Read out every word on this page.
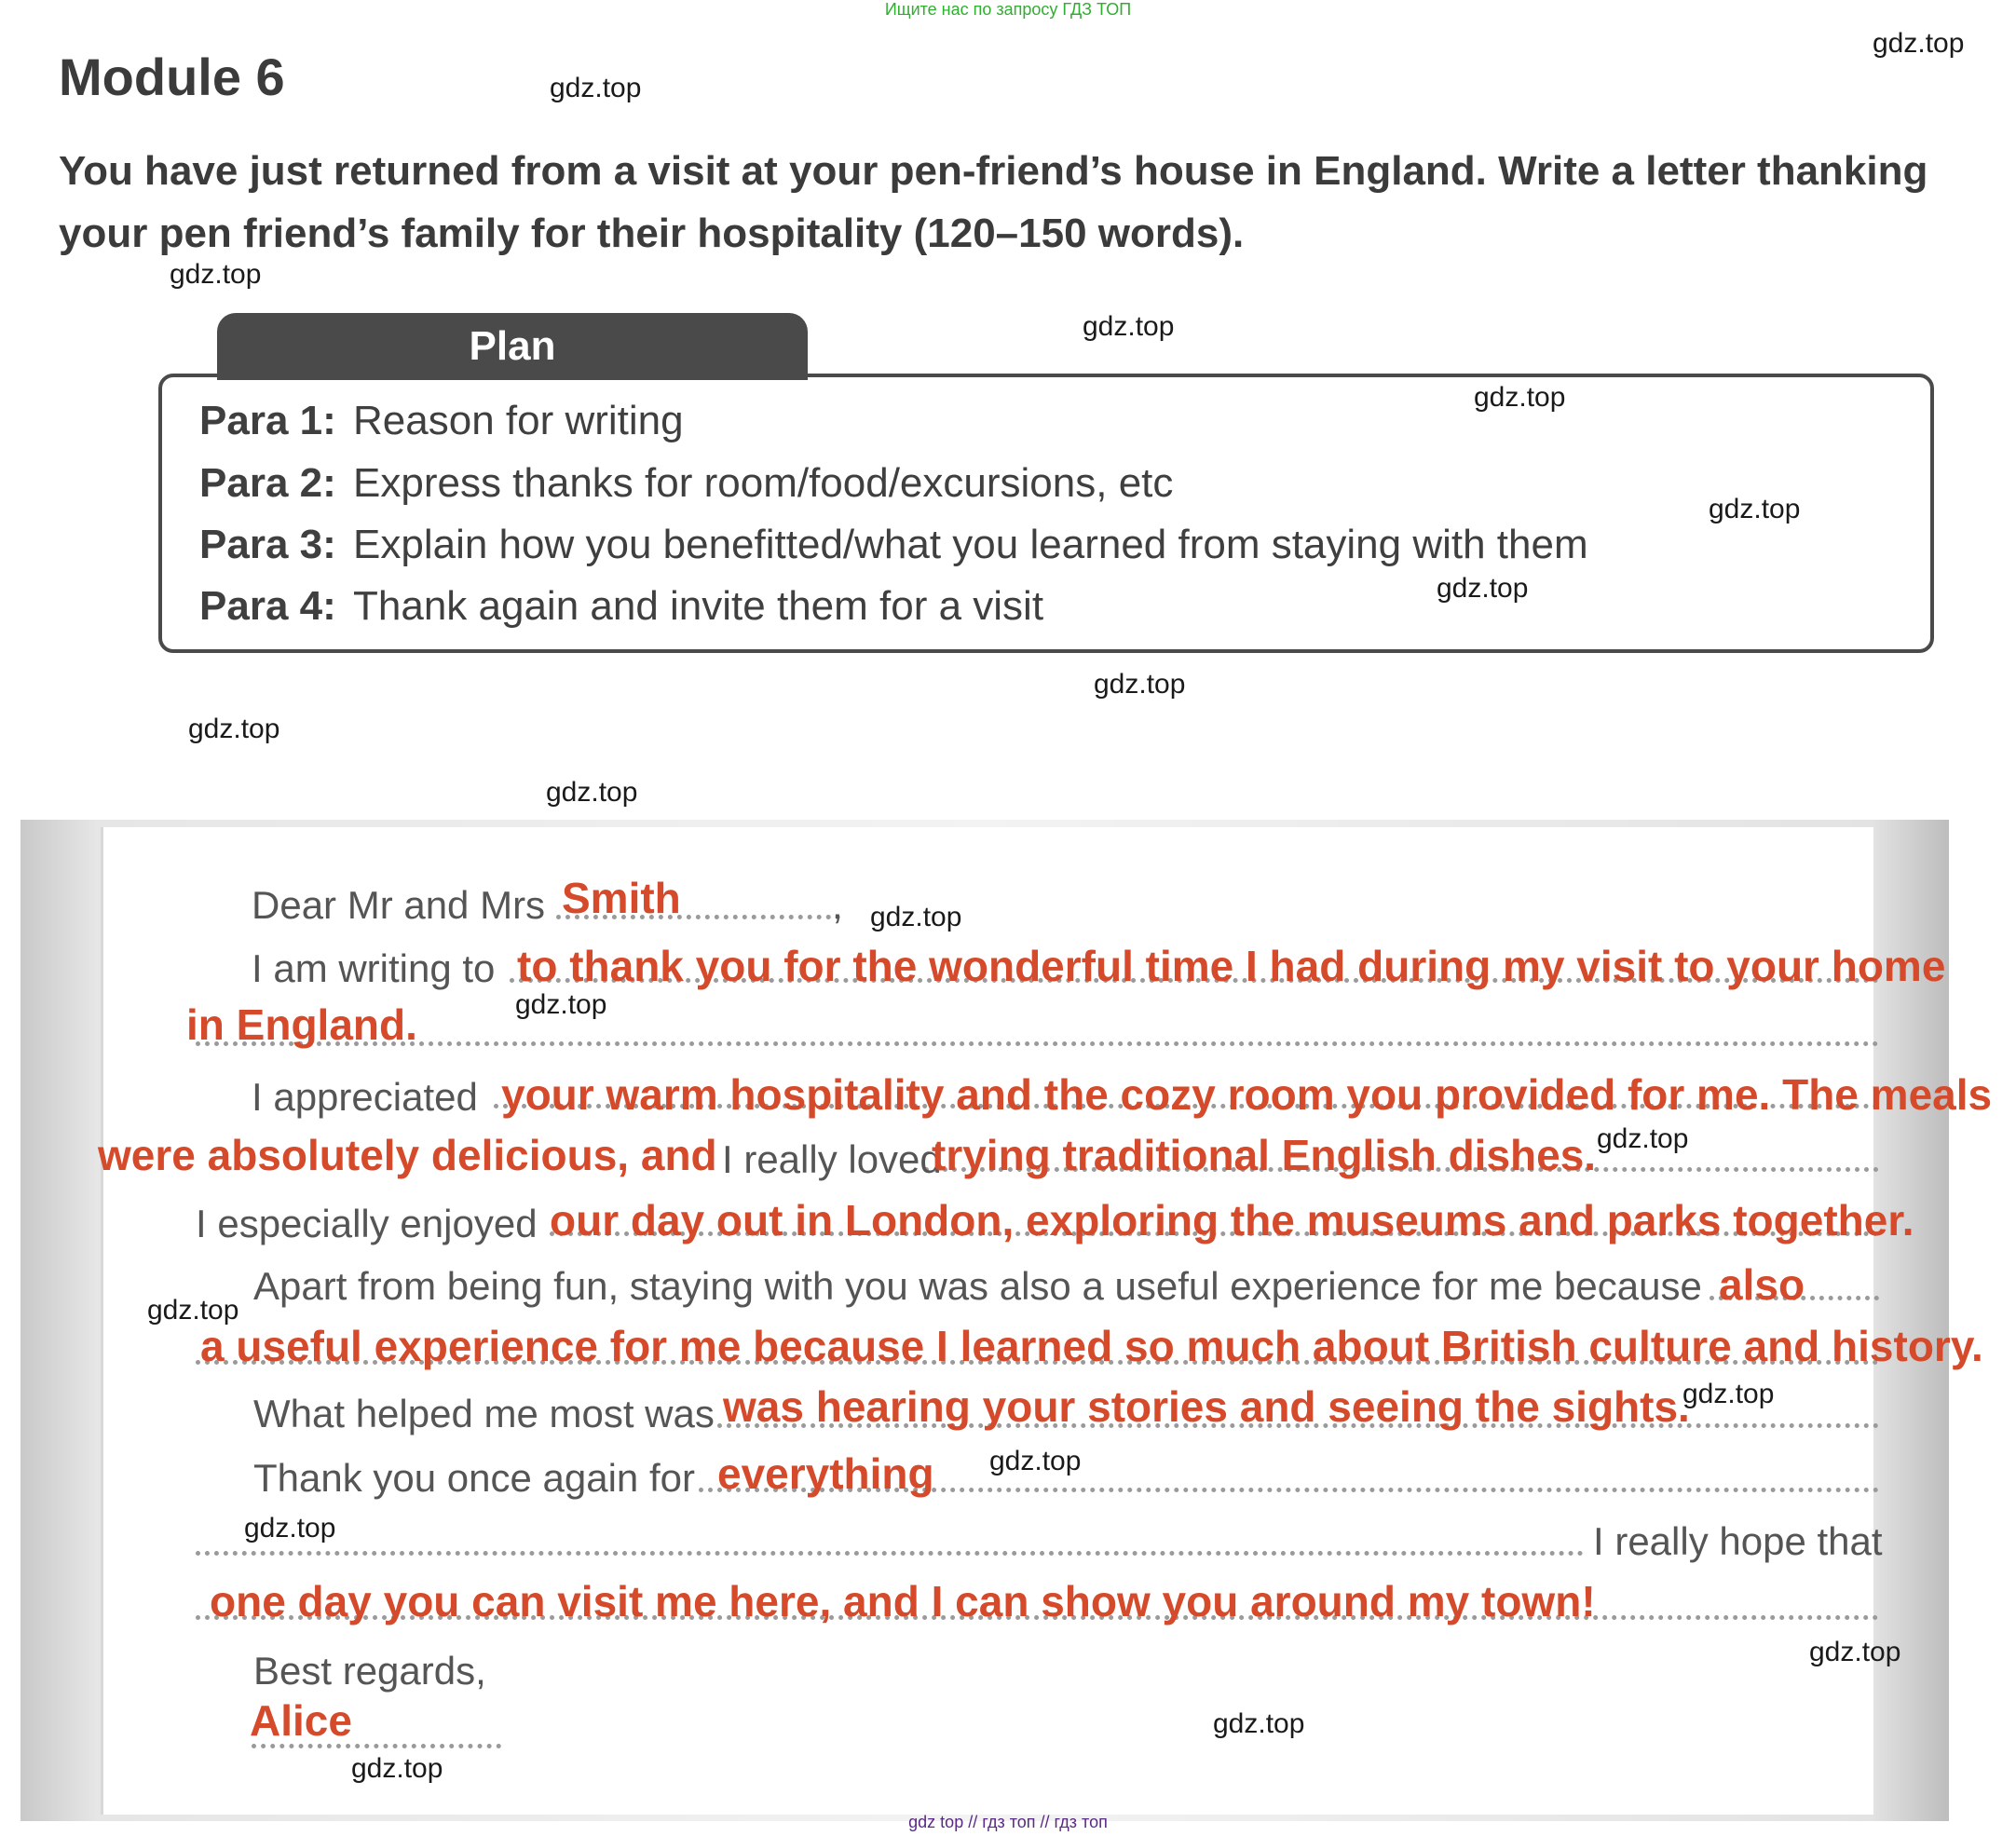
Ищите нас по запросу ГДЗ ТОП
Module 6
You have just returned from a visit at your pen-friend’s house in England. Write a letter thanking your pen friend’s family for their hospitality (120–150 words).
Plan
Para 1: Reason for writing
Para 2: Express thanks for room/food/excursions, etc
Para 3: Explain how you benefitted/what you learned from staying with them
Para 4: Thank again and invite them for a visit
Dear Mr and Mrs	,
I am writing to
I appreciated
I really loved
I especially enjoyed
Apart from being fun, staying with you was also a useful experience for me because
What helped me most was
Thank you once again for
I really hope that
Best regards,
Smith
to thank you for the wonderful time I had during my visit to your home
in England.
your warm hospitality and the cozy room you provided for me. The meals
were absolutely delicious, and	trying traditional English dishes.
our day out in London, exploring the museums and parks together.
also
a useful experience for me because I learned so much about British culture and history.
was hearing your stories and seeing the sights.
everything
one day you can visit me here, and I can show you around my town!
Alice
gdz.top
gdz.top
gdz.top
gdz.top
gdz.top
gdz.top
gdz.top
gdz.top
gdz.top
gdz.top
gdz.top
gdz.top
gdz.top
gdz.top
gdz.top
gdz.top
gdz.top
gdz.top
gdz.top
gdz.top
gdz top // гдз топ // гдз топ
